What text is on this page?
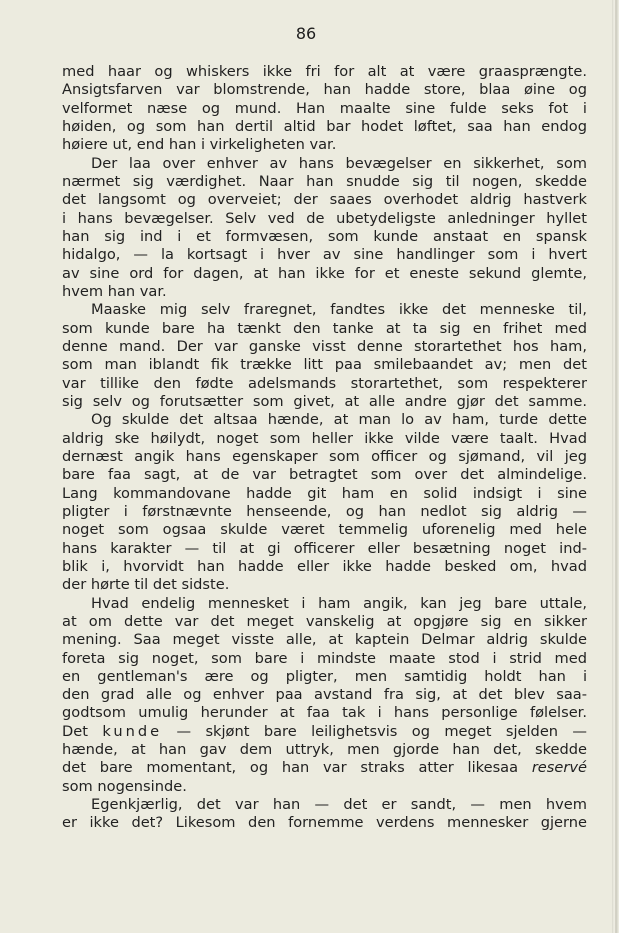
86

med haar og whiskers ikke fri for alt at være graasprængte.
Ansigtsfarven var blomstrende, han hadde store, blaa øine og
velformet næse og mund. Han maalte sine fulde seks fot i
høiden, og som han dertil altid bar hodet løftet, saa han endog
høiere ut, end han i virkeligheten var.
Der laa over enhver av hans bevægelser en sikkerhet, som
nærmet sig værdighet. Naar han snudde sig til nogen, skedde
det langsomt og overveiet; der saaes overhodet aldrig hastverk
i hans bevægelser. Selv ved de ubetydeligste anledninger hyllet
han sig ind i et formvæsen, som kunde anstaat en spansk
hidalgo, — la kortsagt i hver av sine handlinger som i hvert
av sine ord for dagen, at han ikke for et eneste sekund glemte,
hvem han var.
Maaske mig selv fraregnet, fandtes ikke det menneske til,
som kunde bare ha tænkt den tanke at ta sig en frihet med
denne mand. Der var ganske visst denne storartethet hos ham,
som man iblandt fik trække litt paa smilebaandet av; men det
var tillike den fødte adelsmands storartethet, som respekterer
sig selv og forutsætter som givet, at alle andre gjør det samme.
Og skulde det altsaa hænde, at man lo av ham, turde dette
aldrig ske høilydt, noget som heller ikke vilde være taalt. Hvad
dernæst angik hans egenskaper som officer og sjømand, vil jeg
bare faa sagt, at de var betragtet som over det almindelige.
Lang kommandovane hadde git ham en solid indsigt i sine
pligter i førstnævnte henseende, og han nedlot sig aldrig —
noget som ogsaa skulde været temmelig uforenelig med hele
hans karakter — til at gi officerer eller besætning noget ind-
blik i, hvorvidt han hadde eller ikke hadde besked om, hvad
der hørte til det sidste.
Hvad endelig mennesket i ham angik, kan jeg bare uttale,
at om dette var det meget vanskelig at opgjøre sig en sikker
mening. Saa meget visste alle, at kaptein Delmar aldrig skulde
foreta sig noget, som bare i mindste maate stod i strid med
en gentleman's ære og pligter, men samtidig holdt han i
den grad alle og enhver paa avstand fra sig, at det blev saa-
godtsom umulig herunder at faa tak i hans personlige følelser.
Det kunde — skjønt bare leilighetsvis og meget sjelden —
hænde, at han gav dem uttryk, men gjorde han det, skedde
det bare momentant, og han var straks atter likesaa reservé
som nogensinde.
Egenkjærlig, det var han — det er sandt, — men hvem
er ikke det? Likesom den fornemme verdens mennesker gjerne
